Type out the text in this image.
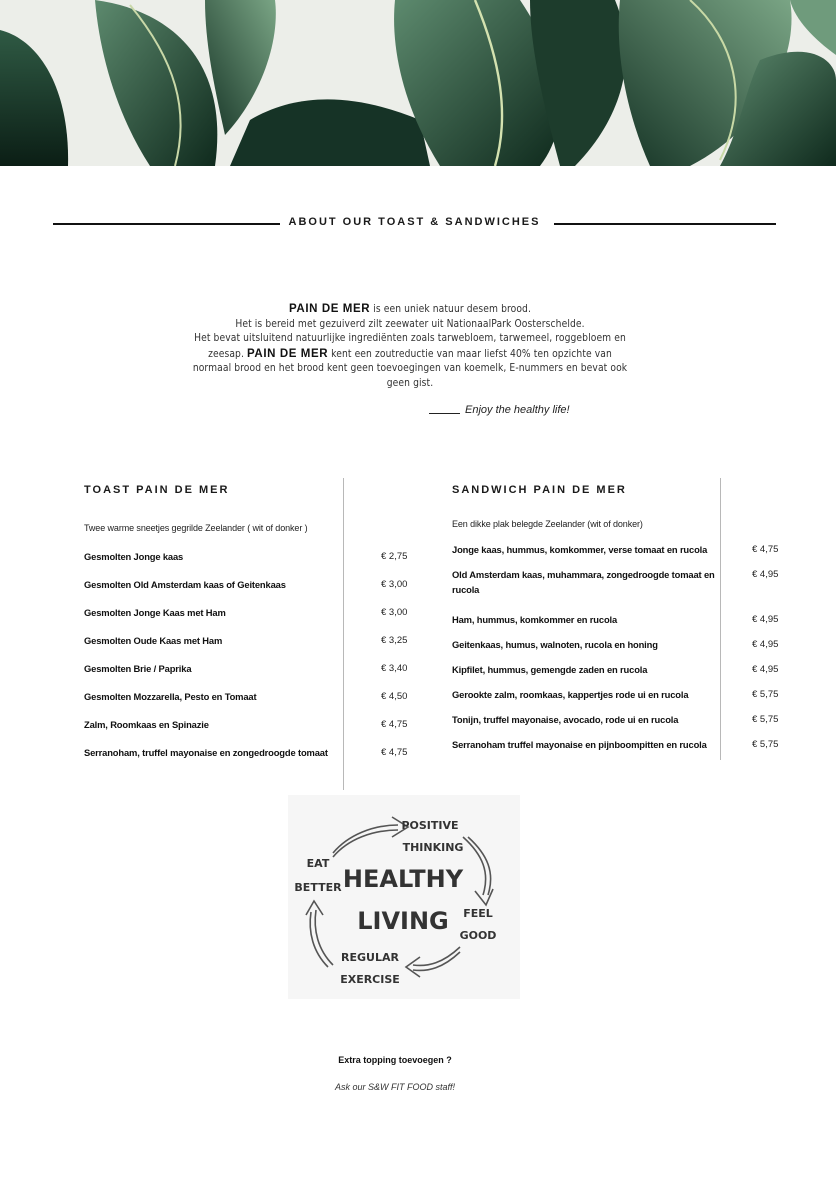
ABOUT OUR TOAST & SANDWICHES
PAIN DE MER is een uniek natuur desem brood.
Het is bereid met gezuiverd zilt zeewater uit NationaalPark Oosterschelde.
Het bevat uitsluitend natuurlijke ingrediënten zoals tarwebloem, tarwemeel, roggebloem en
zeesap. PAIN DE MER kent een zoutreductie van maar liefst 40% ten opzichte van
normaal brood en het brood kent geen toevoegingen van koemelk, E-nummers en bevat ook
geen gist.
Enjoy the healthy life!
TOAST PAIN DE MER
Twee warme sneetjes gegrilde Zeelander ( wit of donker )
Gesmolten Jonge kaas	€ 2,75
Gesmolten Old Amsterdam kaas of Geitenkaas	€ 3,00
Gesmolten Jonge Kaas met Ham	€ 3,00
Gesmolten Oude Kaas met Ham	€ 3,25
Gesmolten Brie / Paprika	€ 3,40
Gesmolten Mozzarella, Pesto en Tomaat	€ 4,50
Zalm, Roomkaas en Spinazie	€ 4,75
Serranoham, truffel mayonaise en zongedroogde tomaat	€ 4,75
SANDWICH PAIN DE MER
Een dikke plak belegde Zeelander (wit of donker)
Jonge kaas, hummus, komkommer, verse tomaat en rucola	€ 4,75
Old Amsterdam kaas, muhammara, zongedroogde tomaat en rucola
€ 4,95
Ham, hummus, komkommer en rucola	€ 4,95
Geitenkaas, humus, walnoten, rucola en honing	€ 4,95
Kipfilet, hummus, gemengde zaden en rucola	€ 4,95
Gerookte zalm, roomkaas, kappertjes rode ui en rucola	€ 5,75
Tonijn, truffel mayonaise, avocado, rode ui en rucola	€ 5,75
Serranoham truffel mayonaise en pijnboompitten en rucola	€ 5,75
POSITIVE
THINKING
EAT
BETTER HEALTHY
LIVING FEEL
GOOD
REGULAR
EXERCISE
Extra topping toevoegen ?
Ask our S&W FIT FOOD staff!
